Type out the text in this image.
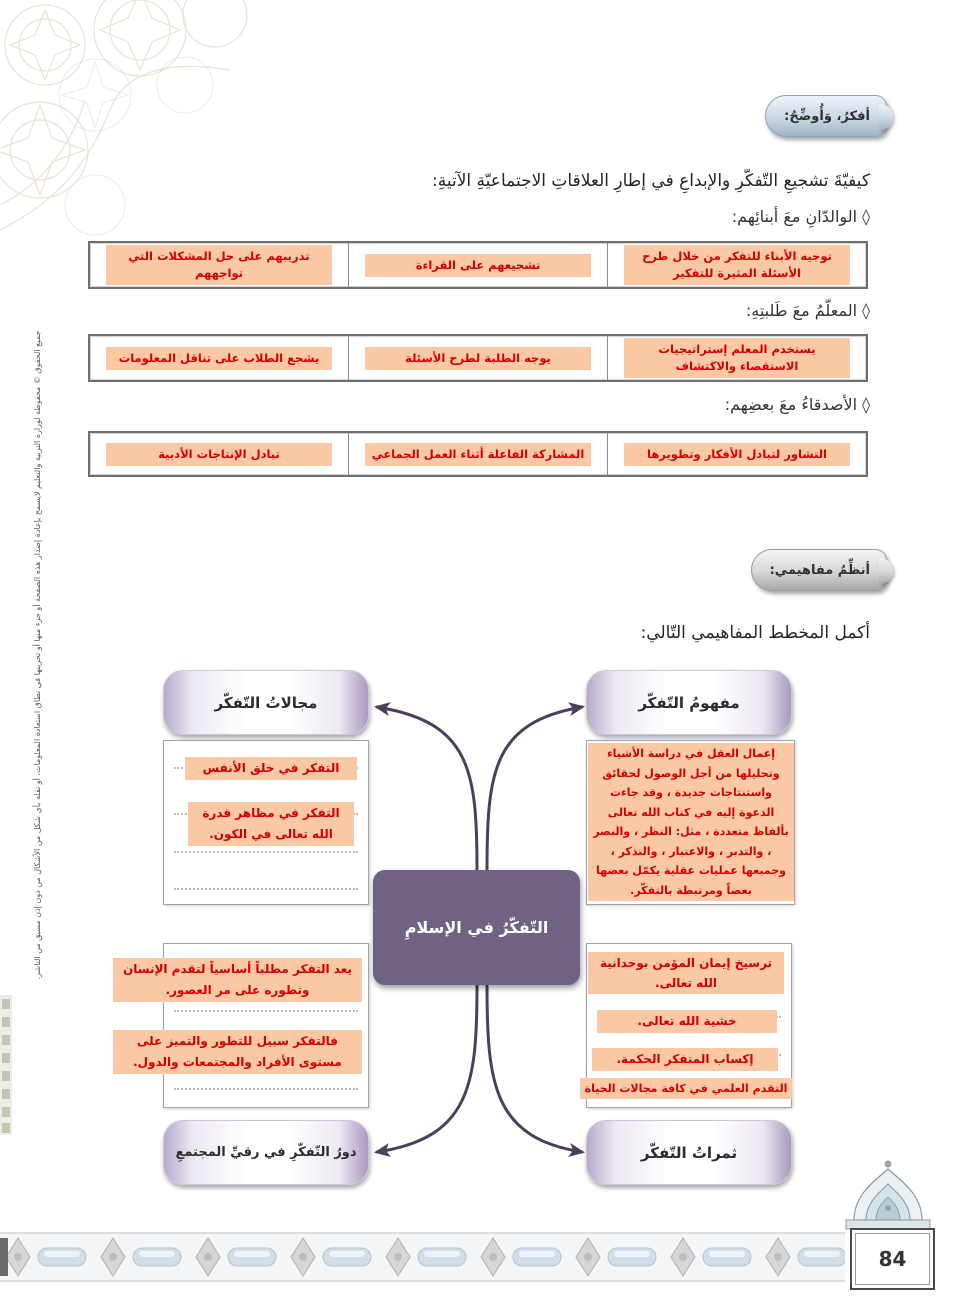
جميع الحقوق © محفوظة لوزارة التربية والتعليم لايسمح بإعادة إصدار هذه الصفحة أو جزء منها أو تخزينها في نطاق استعادة المعلومات، أو نقله بأي شكل من الأشكال من دون إذن مسبق من الناشر.
أفكرُ، وَأُوضِّحُ:
كيفيّةَ تشجيعِ التّفكّرِ والإبداعِ في إطارِ العلاقاتِ الاجتماعيّةِ الآتيةِ:
◊ الوالدّانِ معَ أبنائِهم:
توجيه الأبناء للتفكر من خلال طرح الأسئلة المثيرة للتفكير
تشجيعهم على القراءة
تدريبهم على حل المشكلات التي تواجههم
◊ المعلّمُ معَ طَلبتِهِ:
يستخدم المعلم إستراتيجيات الاستقصاء والاكتشاف
يوجه الطلبة لطرح الأسئلة
يشجع الطلاب على تناقل المعلومات
◊ الأصدقاءُ معَ بعضِهم:
التشاور لتبادل الأفكار وتطويرها
المشاركة الفاعلة أثناء العمل الجماعي
تبادل الإنتاجات الأدبية
أنظِّمُ مفاهيمي:
أكمل المخطط المفاهيمي التّالي:
مفهومُ التّفكّر
مجالاتُ التّفكّر
دورُ التّفكّرِ في رقيِّ المجتمعِ	ثمراتُ التّفكّر
التّفكّرُ في الإسلامِ
إعمال العقل في دراسة الأشياء وتحليلها من أجل الوصول لحقائق واستنتاجات جديدة ، وقد جاءت الدعوة إليه في كتاب الله تعالى بألفاظ متعددة ، مثل: النظر ، والبصر ، والتدبر ، والاعتبار ، والتذكر ، وجميعها عمليات عقلية يكمّل بعضها بعضاً ومرتبطة بالتفكّر.
التفكر في خلق الأنفس
التفكر في مظاهر قدرة الله تعالى في الكون.
يعد التفكر مطلباً أساسياً لتقدم الإنسان وتطوره على مر العصور.
فالتفكر سبيل للتطور والتميز على مستوى الأفراد والمجتمعات والدول.
ترسيخ إيمان المؤمن بوحدانية الله تعالى.
خشية الله تعالى.
إكساب المتفكر الحكمة.
التقدم العلمي في كافة مجالات الحياة
84
